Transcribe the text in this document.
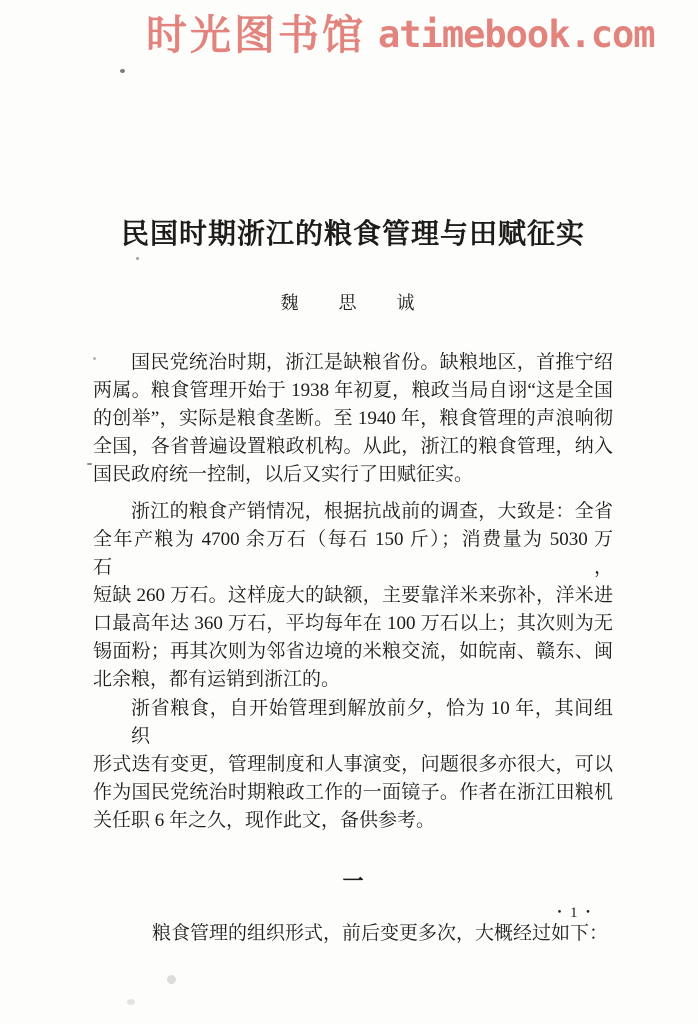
时光图书馆 atimebook.com
民国时期浙江的粮食管理与田赋征实
魏　思　诚
国民党统治时期，浙江是缺粮省份。缺粮地区，首推宁绍
两属。粮食管理开始于 1938 年初夏，粮政当局自诩“这是全国
的创举”，实际是粮食垄断。至 1940 年，粮食管理的声浪响彻
全国，各省普遍设置粮政机构。从此，浙江的粮食管理，纳入
国民政府统一控制，以后又实行了田赋征实。
浙江的粮食产销情况，根据抗战前的调查，大致是：全省
全年产粮为 4700 余万石（每石 150 斤）；消费量为 5030 万石，
短缺 260 万石。这样庞大的缺额，主要靠洋米来弥补，洋米进
口最高年达 360 万石，平均每年在 100 万石以上；其次则为无
锡面粉；再其次则为邻省边境的米粮交流，如皖南、赣东、闽
北余粮，都有运销到浙江的。
浙省粮食，自开始管理到解放前夕，恰为 10 年，其间组织
形式迭有变更，管理制度和人事演变，问题很多亦很大，可以
作为国民党统治时期粮政工作的一面镜子。作者在浙江田粮机
关任职 6 年之久，现作此文，备供参考。
一
粮食管理的组织形式，前后变更多次，大概经过如下：
・1・
